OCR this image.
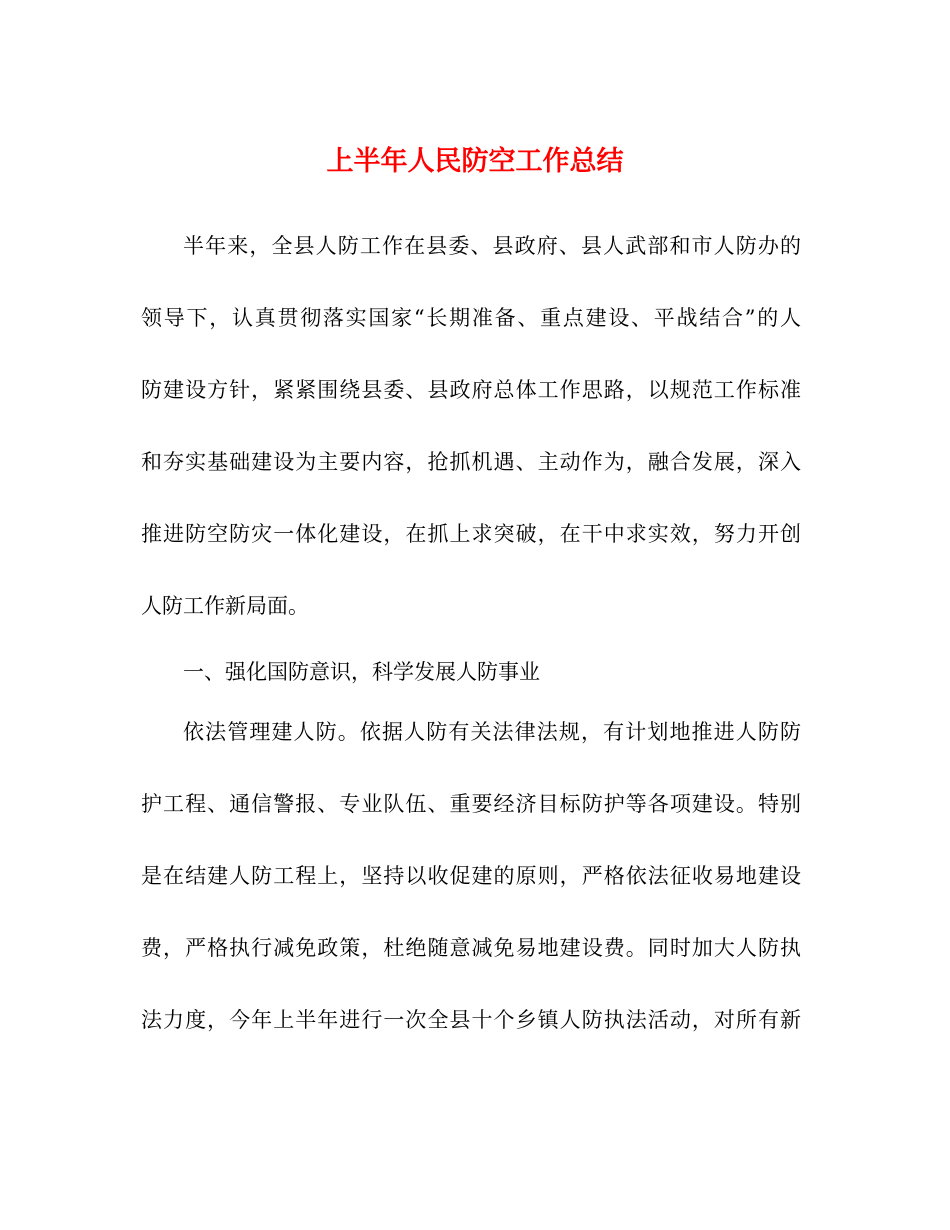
上半年人民防空工作总结

半年来，全县人防工作在县委、县政府、县人武部和市人防办的

领导下，认真贯彻落实国家“长期准备、重点建设、平战结合”的人

防建设方针，紧紧围绕县委、县政府总体工作思路，以规范工作标准

和夯实基础建设为主要内容，抢抓机遇、主动作为，融合发展，深入

推进防空防灾一体化建设，在抓上求突破，在干中求实效，努力开创

人防工作新局面。

一、强化国防意识，科学发展人防事业

依法管理建人防。依据人防有关法律法规，有计划地推进人防防

护工程、通信警报、专业队伍、重要经济目标防护等各项建设。特别

是在结建人防工程上，坚持以收促建的原则，严格依法征收易地建设

费，严格执行减免政策，杜绝随意减免易地建设费。同时加大人防执

法力度，今年上半年进行一次全县十个乡镇人防执法活动，对所有新
